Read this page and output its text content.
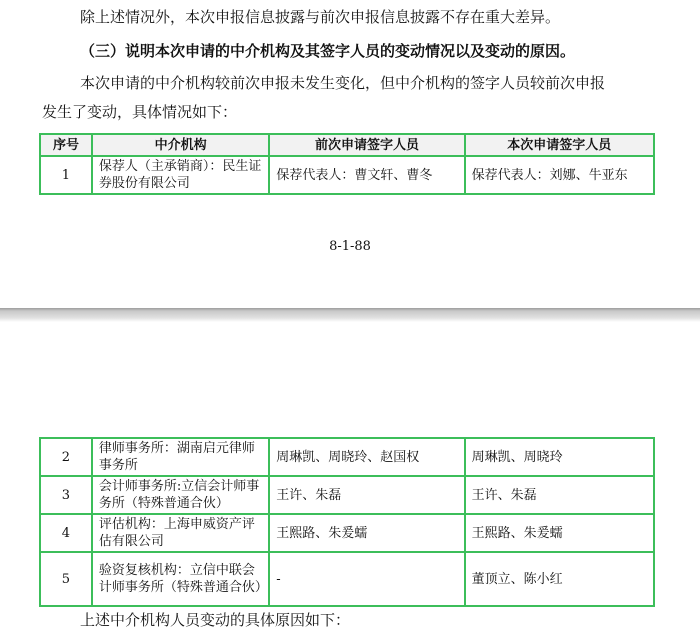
除上述情况外，本次申报信息披露与前次申报信息披露不存在重大差异。
（三）说明本次申请的中介机构及其签字人员的变动情况以及变动的原因。
本次申请的中介机构较前次申报未发生变化，但中介机构的签字人员较前次申报
发生了变动，具体情况如下：
序号	中介机构	前次申请签字人员	本次申请签字人员
1	保荐人（主承销商）：民生证券股份有限公司	保荐代表人：曹文轩、曹冬	保荐代表人：刘娜、牛亚东
8-1-88
2	律师事务所：湖南启元律师事务所	周琳凯、周晓玲、赵国权	周琳凯、周晓玲
3	会计师事务所:立信会计师事务所（特殊普通合伙）	王许、朱磊	王许、朱磊
4	评估机构：上海申威资产评估有限公司	王熙路、朱爰蠕	王熙路、朱爰蠕
5	验资复核机构：立信中联会计师事务所（特殊普通合伙）	-	董顶立、陈小红
上述中介机构人员变动的具体原因如下：
